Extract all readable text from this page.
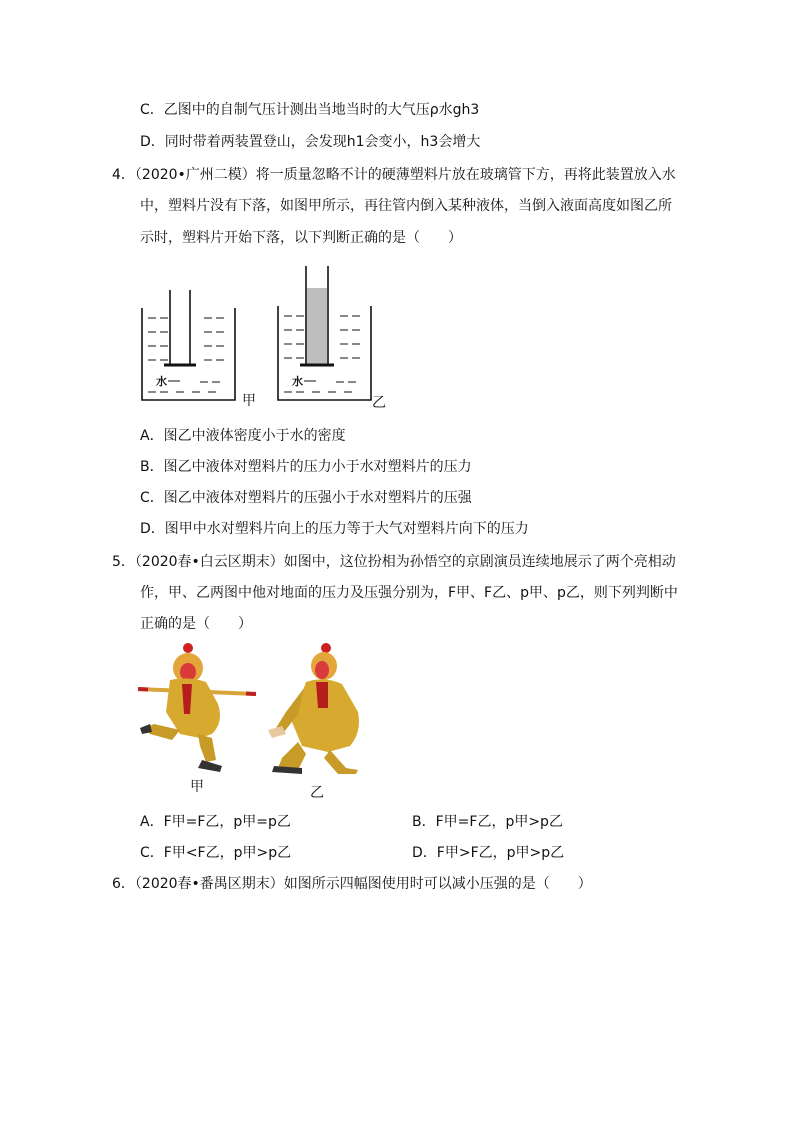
C．乙图中的自制气压计测出当地当时的大气压ρ水gh3
D．同时带着两装置登山，会发现h1会变小，h3会增大
4．（2020•广州二模）将一质量忽略不计的硬薄塑料片放在玻璃管下方，再将此装置放入水
中，塑料片没有下落，如图甲所示，再往管内倒入某种液体，当倒入液面高度如图乙所
示时，塑料片开始下落，以下判断正确的是（　　）
水
甲
水
乙
A．图乙中液体密度小于水的密度
B．图乙中液体对塑料片的压力小于水对塑料片的压力
C．图乙中液体对塑料片的压强小于水对塑料片的压强
D．图甲中水对塑料片向上的压力等于大气对塑料片向下的压力
5．（2020春•白云区期末）如图中，这位扮相为孙悟空的京剧演员连续地展示了两个亮相动
作，甲、乙两图中他对地面的压力及压强分别为，F甲、F乙、p甲、p乙，则下列判断中
正确的是（　　）
甲	乙
A．F甲=F乙，p甲=p乙	B．F甲=F乙，p甲>p乙
C．F甲<F乙，p甲>p乙	D．F甲>F乙，p甲>p乙
6．（2020春•番禺区期末）如图所示四幅图使用时可以减小压强的是（　　）
